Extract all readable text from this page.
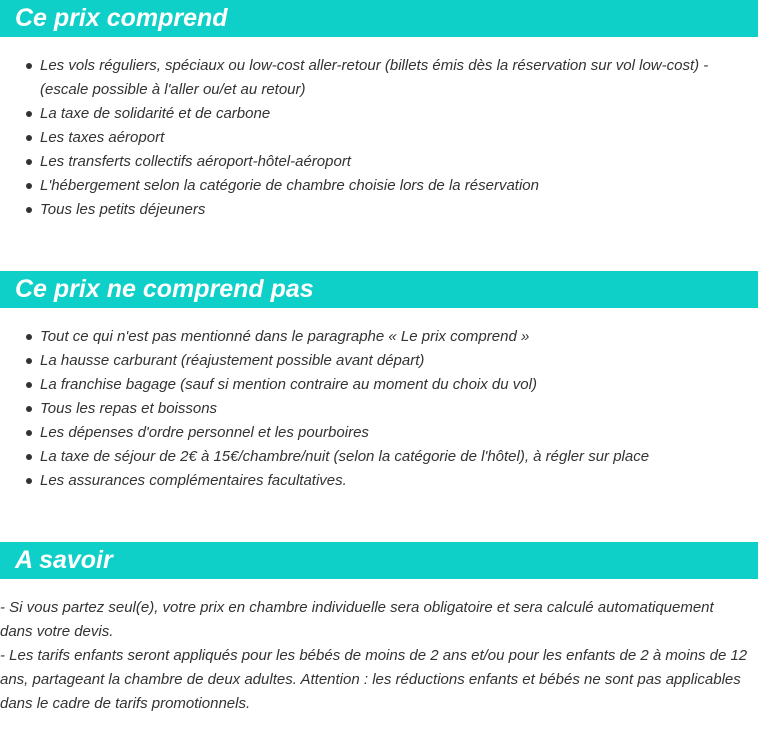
Ce prix comprend
Les vols réguliers, spéciaux ou low-cost aller-retour (billets émis dès la réservation sur vol low-cost) - (escale possible à l'aller ou/et au retour)
La taxe de solidarité et de carbone
Les taxes aéroport
Les transferts collectifs aéroport-hôtel-aéroport
L'hébergement selon la catégorie de chambre choisie lors de la réservation
Tous les petits déjeuners
Ce prix ne comprend pas
Tout ce qui n'est pas mentionné dans le paragraphe « Le prix comprend »
La hausse carburant (réajustement possible avant départ)
La franchise bagage (sauf si mention contraire au moment du choix du vol)
Tous les repas et boissons
Les dépenses d'ordre personnel et les pourboires
La taxe de séjour de 2€ à 15€/chambre/nuit (selon la catégorie de l'hôtel), à régler sur place
Les assurances complémentaires facultatives.
A savoir

- Si vous partez seul(e), votre prix en chambre individuelle sera obligatoire et sera calculé automatiquement dans votre devis.

- Les tarifs enfants seront appliqués pour les bébés de moins de 2 ans et/ou pour les enfants de 2 à moins de 12 ans, partageant la chambre de deux adultes. Attention : les réductions enfants et bébés ne sont pas applicables dans le cadre de tarifs promotionnels.
